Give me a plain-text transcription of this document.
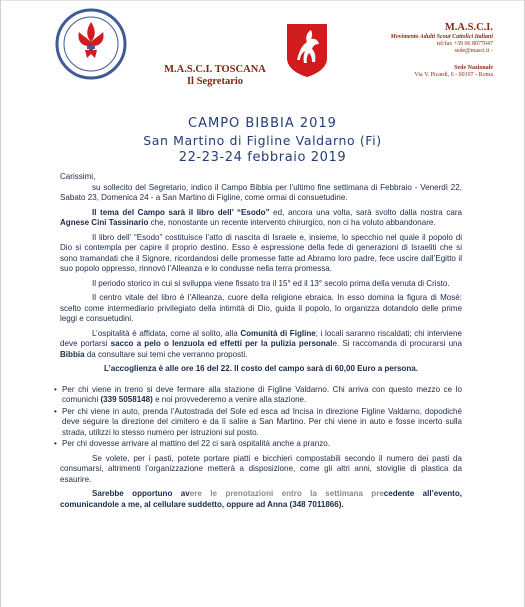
M.A.S.C.I. TOSCANA
Il Segretario
M.A.S.C.I.
Movimento Adulti Scout Cattolici Italiani
tel/fax +39 06 8077047
sede@masci.it -
Sede Nazionale
Via V. Picardi, 6 - 00197 - Roma
CAMPO BIBBIA 2019
San Martino di Figline Valdarno (Fi)
22-23-24 febbraio 2019

Carissimi,

su sollecito del Segretario, indico il Campo Bibbia per l’ultimo fine settimana di Febbraio - Venerdì 22, Sabato 23, Domenica 24 - a San Martino di Figline, come ormai di consuetudine.

Il tema del Campo sarà il libro dell’ “Esodo” ed, ancora una volta, sarà svolto dalla nostra cara Agnese Cini Tassinario che, nonostante un recente intervento chirurgico, non ci ha voluto abbandonare.

Il libro dell’ “Esodo” costituisce l’atto di nascita di Israele e, insieme, lo specchio nel quale il popolo di Dio si contempla per capire il proprio destino. Esso è espressione della fede di generazioni di Israeliti che si sono tramandati che il Signore, ricordandosi delle promesse fatte ad Abramo loro padre, fece uscire dall’Egitto il suo popolo oppresso, rinnovò l’Alleanza e lo condusse nella terra promessa.

Il periodo storico in cui si sviluppa viene fissato tra il 15° ed il 13° secolo prima della venuta di Cristo.

Il centro vitale del libro è l’Alleanza, cuore della religione ebraica. In esso domina la figura di Mosè: scelto come intermediario privilegiato della intimità di Dio, guida il popolo, lo organizza dotandolo delle prime leggi e consuetudini.

L’ospitalità è affidata, come al solito, alla Comunità di Figline; i locali saranno riscaldati; chi interviene deve portarsi sacco a pelo o lenzuola ed effetti per la pulizia personale. Si raccomanda di procurarsi una Bibbia da consultare sui temi che verranno proposti.

L’accoglienza è alle ore 16 del 22. Il costo del campo sarà di 60,00 Euro a persona.

• Per chi viene in treno si deve fermare alla stazione di Figline Valdarno. Chi arriva con questo mezzo ce lo comunichi (339 5058148) e noi provvederemo a venire alla stazione.
• Per chi viene in auto, prenda l’Autostrada del Sole ed esca ad Incisa in direzione Figline Valdarno, dopodiché deve seguire la direzione del cimitero e da lì salire a San Martino. Per chi viene in auto e fosse incerto sulla strada, utilizzi lo stesso numero per istruzioni sul posto.
• Per chi dovesse arrivare al mattino del 22 ci sarà ospitalità anche a pranzo.

Se volete, per i pasti, potete portare piatti e bicchieri compostabili secondo il numero dei pasti da consumarsi, altrimenti l’organizzazione metterà a disposizione, come gli altri anni, stoviglie di plastica da esaurire.

Sarebbe opportuno avere le prenotazioni entro la settimana precedente all’evento, comunicandole a me, al cellulare suddetto, oppure ad Anna (348 7011866).
